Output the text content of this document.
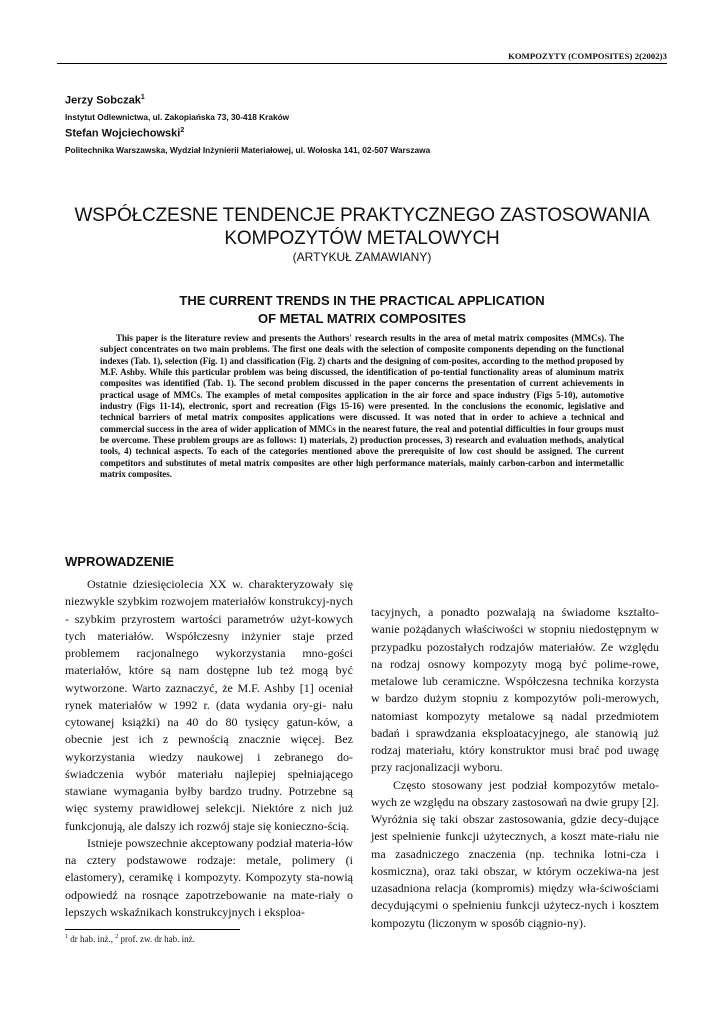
KOMPOZYTY (COMPOSITES) 2(2002)3
Jerzy Sobczak$^1$
Instytut Odlewnictwa, ul. Zakopiańska 73, 30-418 Kraków
Stefan Wojciechowski$^2$
Politechnika Warszawska, Wydział Inżynierii Materiałowej, ul. Wołoska 141, 02-507 Warszawa
WSPÓŁCZESNE TENDENCJE PRAKTYCZNEGO ZASTOSOWANIA
KOMPOZYTÓW METALOWYCH
(ARTYKUŁ ZAMAWIANY)
THE CURRENT TRENDS IN THE PRACTICAL APPLICATION
OF METAL MATRIX COMPOSITES

This paper is the literature review and presents the Authors' research results in the area of metal matrix composites (MMCs). The subject concentrates on two main problems. The first one deals with the selection of composite components depending on the functional indexes (Tab. 1), selection (Fig. 1) and classification (Fig. 2) charts and the designing of com-posites, according to the method proposed by M.F. Ashby. While this particular problem was being discussed, the identification of po-tential functionality areas of aluminum matrix composites was identified (Tab. 1). The second problem discussed in the paper concerns the presentation of current achievements in practical usage of MMCs. The examples of metal composites application in the air force and space industry (Figs 5-10), automotive industry (Figs 11-14), electronic, sport and recreation (Figs 15-16) were presented. In the conclusions the economic, legislative and technical barriers of metal matrix composites applications were discussed. It was noted that in order to achieve a technical and commercial success in the area of wider application of MMCs in the nearest future, the real and potential difficulties in four groups must be overcome. These problem groups are as follows: 1) materials, 2) production processes, 3) research and evaluation methods, analytical tools, 4) technical aspects. To each of the categories mentioned above the prerequisite of low cost should be assigned. The current competitors and substitutes of metal matrix composites are other high performance materials, mainly carbon-carbon and intermetallic matrix composites.

WPROWADZENIE

Ostatnie dziesięciolecia XX w. charakteryzowały się niezwykle szybkim rozwojem materiałów konstrukcyj-nych - szybkim przyrostem wartości parametrów użyt-kowych tych materiałów. Współczesny inżynier staje przed problemem racjonalnego wykorzystania mno-gości materiałów, które są nam dostępne lub też mogą być wytworzone. Warto zaznaczyć, że M.F. Ashby [1] oceniał rynek materiałów w 1992 r. (data wydania ory-gi- nału cytowanej książki) na 40 do 80 tysięcy gatun-ków, a obecnie jest ich z pewnością znacznie więcej. Bez wykorzystania wiedzy naukowej i zebranego do-świadczenia wybór materiału najlepiej spełniającego stawiane wymagania byłby bardzo trudny. Potrzebne są więc systemy prawidłowej selekcji. Niektóre z nich już funkcjonują, ale dalszy ich rozwój staje się konieczno-ścią.

Istnieje powszechnie akceptowany podział materia-łów na cztery podstawowe rodzaje: metale, polimery (i elastomery), ceramikę i kompozyty. Kompozyty sta-nowią odpowiedź na rosnące zapotrzebowanie na mate-riały o lepszych wskaźnikach konstrukcyjnych i eksploa-

tacyjnych, a ponadto pozwalają na świadome kształto-wanie pożądanych właściwości w stopniu niedostępnym w przypadku pozostałych rodzajów materiałów. Ze względu na rodzaj osnowy kompozyty mogą być polime-rowe, metalowe lub ceramiczne. Współczesna technika korzysta w bardzo dużym stopniu z kompozytów poli-merowych, natomiast kompozyty metalowe są nadal przedmiotem badań i sprawdzania eksploatacyjnego, ale stanowią już rodzaj materiału, który konstruktor musi brać pod uwagę przy racjonalizacji wyboru.

Często stosowany jest podział kompozytów metalo-wych ze względu na obszary zastosowań na dwie grupy [2]. Wyróżnia się taki obszar zastosowania, gdzie decy-dujące jest spełnienie funkcji użytecznych, a koszt mate-riału nie ma zasadniczego znaczenia (np. technika lotni-cza i kosmiczna), oraz taki obszar, w którym oczekiwa-na jest uzasadniona relacja (kompromis) między wła-ściwościami decydującymi o spełnieniu funkcji użytecz-nych i kosztem kompozytu (liczonym w sposób ciągnio-ny).

$^1$ dr hab. inż., $^2$ prof. zw. dr hab. inż.
